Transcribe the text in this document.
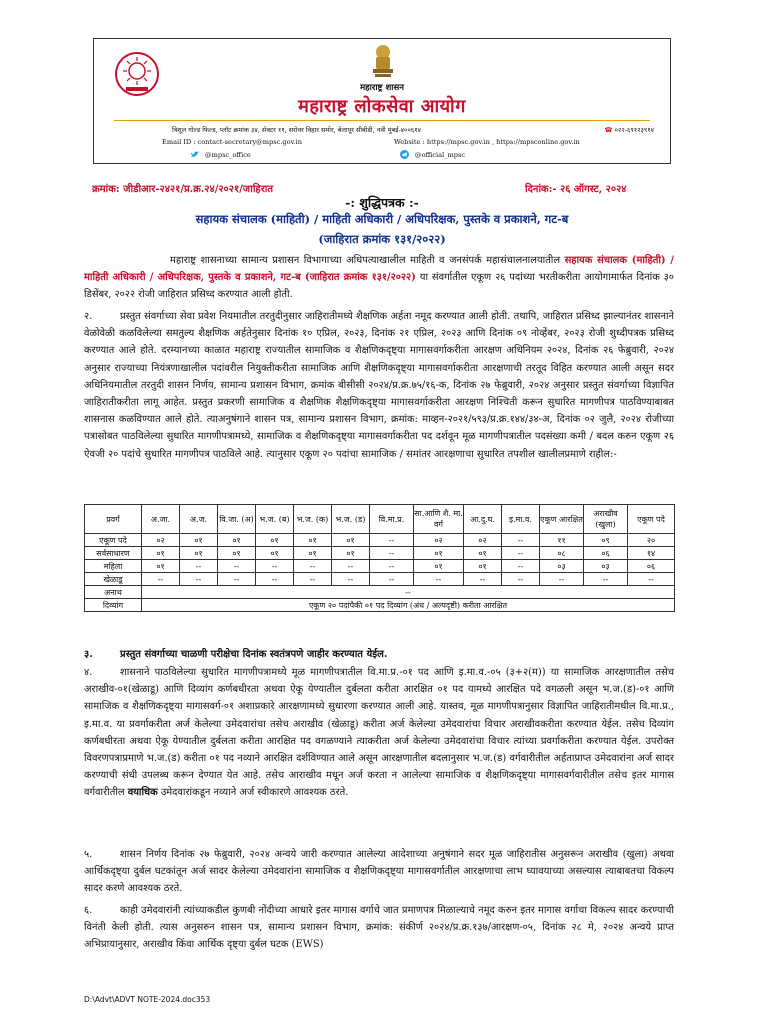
महाराष्ट्र शासन
महाराष्ट्र लोकसेवा आयोग
त्रिशूल गोल्ड फिल्ड, प्लॉट क्रमांक ३४, सेक्टर ११, सरोवर विहार समोर, बेलापूर सीबीडी, नवी मुंबई-४००६१४	☎ ०२२-६९१२३९१४
Email ID : contact-secretary@mpsc.gov.in	Website : https://mpsc.gov.in , https://mpsconline.gov.in
@mpsc_office	@official_mpsc
क्रमांक: जीडीआर-२४२१/प्र.क्र.२४/२०२१/जाहिरात	दिनांक:- २६ ऑगस्ट, २०२४
-: शुद्धिपत्रक :-
सहायक संचालक (माहिती) / माहिती अधिकारी / अधिपरिक्षक, पुस्तके व प्रकाशने, गट-ब
(जाहिरात क्रमांक १३१/२०२२)
महाराष्ट्र शासनाच्या सामान्य प्रशासन विभागाच्या अधिपत्याखालील माहिती व जनसंपर्क महासंचालनालयातील सहायक संचालक (माहिती) / माहिती अधिकारी / अधिपरिक्षक, पुस्तके व प्रकाशने, गट-ब (जाहिरात क्रमांक १३१/२०२२) या संवर्गातील एकूण २६ पदांच्या भरतीकरीता आयोगामार्फत दिनांक ३० डिसेंबर, २०२२ रोजी जाहिरात प्रसिध्द करण्यात आली होती.
२.	प्रस्तुत संवर्गाच्या सेवा प्रवेश नियमातील तरतुदीनुसार जाहिरातीमध्ये शैक्षणिक अर्हता नमूद करण्यात आली होती. तथापि, जाहिरात प्रसिध्द झाल्यानंतर शासनाने वेळोवेळी कळविलेल्या समतुल्य शैक्षणिक अर्हतेनुसार दिनांक १० एप्रिल, २०२३, दिनांक २१ एप्रिल, २०२३ आणि दिनांक ०९ नोव्हेंबर, २०२३ रोजी शुध्दीपत्रक प्रसिध्द करण्यात आले होते. दरम्यानच्या काळात महाराष्ट्र राज्यातील सामाजिक व शैक्षणिकदृष्ट्या मागासवर्गाकरीता आरक्षण अधिनियम २०२४, दिनांक २६ फेब्रुवारी, २०२४ अनुसार राज्याच्या नियंत्रणाखालील पदांवरील नियुक्तीकरीता सामाजिक आणि शैक्षणिकदृष्ट्या मागासवर्गाकरीता आरक्षणाची तरतूद विहित करण्यात आली असून सदर अधिनियमातील तरतुदी शासन निर्णय, सामान्य प्रशासन विभाग, क्रमांक बीसीसी २०२४/प्र.क्र.७५/१६-क, दिनांक २७ फेब्रुवारी, २०२४ अनुसार प्रस्तुत संवर्गाच्या विज्ञापित जाहिरातीकरीता लागू आहेत. प्रस्तुत प्रकरणी सामाजिक व शैक्षणिक शैक्षणिकदृष्ट्या मागासवर्गाकरीता आरक्षण निश्चिती करून सुधारित मागणीपत्र पाठविण्याबाबत शासनास कळविण्यात आले होते. त्याअनुषंगाने शासन पत्र, सामान्य प्रशासन विभाग, क्रमांक: माव्हन-२०२१/५९३/प्र.क्र.१४४/३४-अ, दिनांक ०२ जुलै, २०२४ रोजीच्या पत्रासोबत पाठविलेल्या सुधारित मागणीपत्रामध्ये, सामाजिक व शैक्षणिकदृष्ट्या मागासवर्गाकरीता पद दर्शवून मूळ मागणीपत्रातील पदसंख्या कमी / बदल करुन एकूण २६ ऐवजी २० पदांचे सुधारित मागणीपत्र पाठविले आहे. त्यानुसार एकूण २० पदांचा सामाजिक / समांतर आरक्षणाचा सुधारित तपशील खालीलप्रमाणे राहील:-
प्रवर्ग	अ.जा.	अ.ज.	वि.जा. (अ)	भ.ज. (ब)	भ.ज. (क)	भ.ज. (ड)	वि.मा.प्र.	सा.आणि शै. मा. वर्ग	आ.दु.घ.	इ.मा.व.	एकूण आरक्षित	अराखीव (खुला)	एकूण पदे
एकूण पदे	०२	०१	०१	०१	०१	०१	--	०२	०२	--	११	०९	२०
सर्वसाधारण	०१	०१	०१	०१	०१	०१	--	०१	०१	--	०८	०६	१४
महिला	०१	--	--	--	--	--	--	०१	०१	--	०३	०३	०६
खेळाडू	--	--	--	--	--	--	--	--	--	--	--	--	--
अनाथ	--												
दिव्यांग	एकूण २० पदांपैकी ०१ पद दिव्यांग (अंध / अल्पदृष्टी) करीता आरक्षित												
३.	प्रस्तुत संवर्गाच्या चाळणी परीक्षेचा दिनांक स्वतंत्रपणे जाहीर करण्यात येईल.
४.	शासनाने पाठविलेल्या सुधारित मागणीपत्रामध्ये मूळ मागणीपत्रातील वि.मा.प्र.-०१ पद आणि इ.मा.व.-०५ (३+२(म)) या सामाजिक आरक्षणातील तसेच अराखीव-०१(खेळाडू) आणि दिव्यांग कर्णबधीरता अथवा ऐकू येण्यातील दुर्बलता करीता आरक्षित ०१ पद यामध्ये आरक्षित पदे वगळली असून भ.ज.(ड)-०१ आणि सामाजिक व शैक्षणिकदृष्ट्या मागासवर्ग-०१ अशाप्रकारे आरक्षणामध्ये सुधारणा करण्यात आली आहे. यास्तव, मूळ मागणीपत्रानुसार विज्ञापित जाहिरातीमधील वि.मा.प्र., इ.मा.व. या प्रवर्गाकरीता अर्ज केलेल्या उमेदवारांचा तसेच अराखीव (खेळाडू) करीता अर्ज केलेल्या उमेदवारांचा विचार अराखीवकरीता करण्यात येईल. तसेच दिव्यांग कर्णबधीरता अथवा ऐकू येण्यातील दुर्बलता करीता आरक्षित पद वगळण्याने त्याकरीता अर्ज केलेल्या उमेदवारांचा विचार त्यांच्या प्रवर्गाकरीता करण्यात येईल. उपरोक्त विवरणपत्राप्रमाणे भ.ज.(ड) करीता ०१ पद नव्याने आरक्षित दर्शविण्यात आले असून आरक्षणातील बदलानुसार भ.ज.(ड) वर्गवारीतील अर्हताप्राप्त उमेदवारांना अर्ज सादर करण्याची संधी उपलब्ध करून देण्यात येत आहे. तसेच आराखीव मधून अर्ज करता न आलेल्या सामाजिक व शैक्षणिकदृष्ट्या मागासवर्गवारीतील तसेच इतर मागास वर्गवारीतील वयाधिक उमेदवारांकडून नव्याने अर्ज स्वीकारणे आवश्यक ठरते.
५.	शासन निर्णय दिनांक २७ फेब्रुवारी, २०२४ अन्वये जारी करण्यात आलेल्या आदेशाच्या अनुषंगाने सदर मूळ जाहिरातीस अनुसरून अराखीव (खुला) अथवा आर्थिकदृष्ट्या दुर्बल घटकांतून अर्ज सादर केलेल्या उमेदवारांना सामाजिक व शैक्षणिकदृष्ट्या मागासवर्गातील आरक्षणाचा लाभ घ्यावयाच्या असल्यास त्याबाबतचा विकल्प सादर करणे आवश्यक ठरते.
६.	काही उमेदवारांनी त्यांच्याकडील कुणबी नोंदीच्या आधारे इतर मागास वर्गाचे जात प्रमाणपत्र मिळाल्याचे नमूद करुन इतर मागास वर्गाचा विकल्प सादर करण्याची विनंती केली होती. त्यास अनुसरुन शासन पत्र, सामान्य प्रशासन विभाग, क्रमांक: संकीर्ण २०२४/प्र.क्र.१३७/आरक्षण-०५, दिनांक २८ मे, २०२४ अन्वये प्राप्त अभिप्रायानुसार, अराखीव किंवा आर्थिक दृष्ट्या दुर्बल घटक (EWS)
D:\Advt\ADVT NOTE-2024.doc353
